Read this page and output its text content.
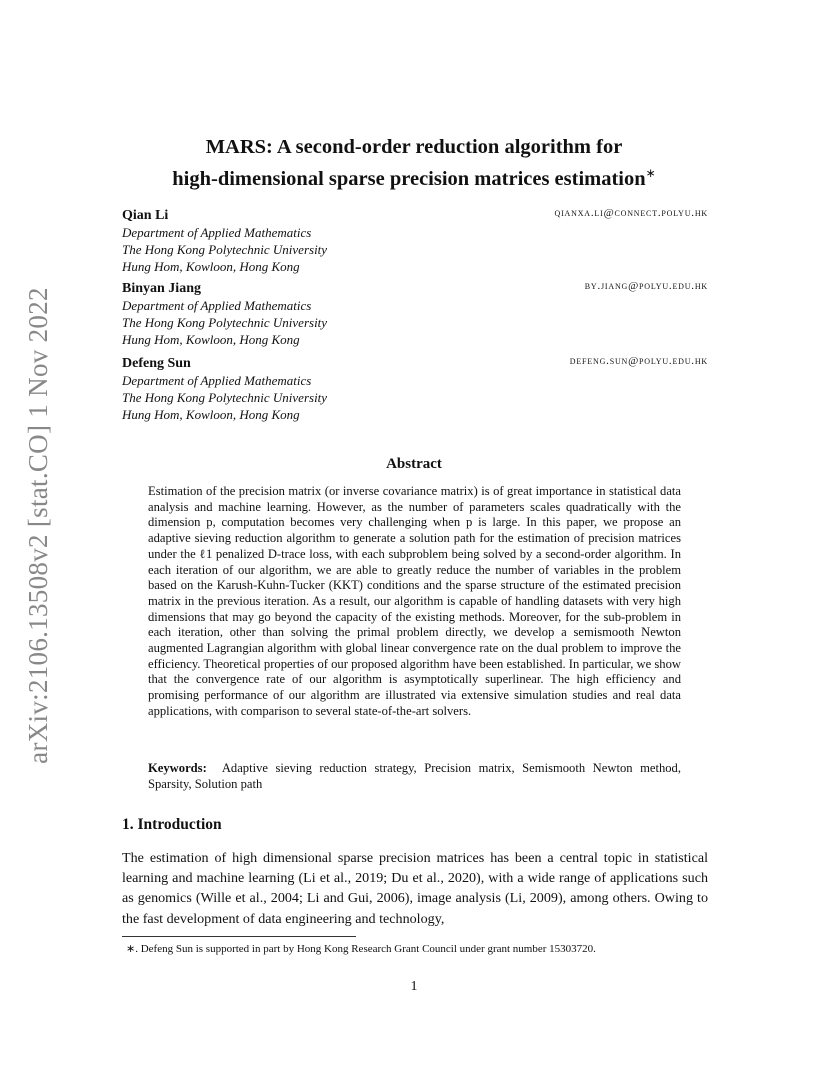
arXiv:2106.13508v2 [stat.CO] 1 Nov 2022
MARS: A second-order reduction algorithm for
high-dimensional sparse precision matrices estimation∗
Qian Li	qianxa.li@connect.polyu.hk
Department of Applied Mathematics
The Hong Kong Polytechnic University
Hung Hom, Kowloon, Hong Kong
Binyan Jiang	by.jiang@polyu.edu.hk
Department of Applied Mathematics
The Hong Kong Polytechnic University
Hung Hom, Kowloon, Hong Kong
Defeng Sun	defeng.sun@polyu.edu.hk
Department of Applied Mathematics
The Hong Kong Polytechnic University
Hung Hom, Kowloon, Hong Kong
Abstract
Estimation of the precision matrix (or inverse covariance matrix) is of great importance in statistical data analysis and machine learning. However, as the number of parameters scales quadratically with the dimension p, computation becomes very challenging when p is large. In this paper, we propose an adaptive sieving reduction algorithm to generate a solution path for the estimation of precision matrices under the ℓ1 penalized D-trace loss, with each subproblem being solved by a second-order algorithm. In each iteration of our algorithm, we are able to greatly reduce the number of variables in the problem based on the Karush-Kuhn-Tucker (KKT) conditions and the sparse structure of the estimated precision matrix in the previous iteration. As a result, our algorithm is capable of handling datasets with very high dimensions that may go beyond the capacity of the existing methods. Moreover, for the sub-problem in each iteration, other than solving the primal problem directly, we develop a semismooth Newton augmented Lagrangian algorithm with global linear convergence rate on the dual problem to improve the efficiency. Theoretical properties of our proposed algorithm have been established. In particular, we show that the convergence rate of our algorithm is asymptotically superlinear. The high efficiency and promising performance of our algorithm are illustrated via extensive simulation studies and real data applications, with comparison to several state-of-the-art solvers.
Keywords: Adaptive sieving reduction strategy, Precision matrix, Semismooth Newton method, Sparsity, Solution path
1. Introduction
The estimation of high dimensional sparse precision matrices has been a central topic in statistical learning and machine learning (Li et al., 2019; Du et al., 2020), with a wide range of applications such as genomics (Wille et al., 2004; Li and Gui, 2006), image analysis (Li, 2009), among others. Owing to the fast development of data engineering and technology,
∗. Defeng Sun is supported in part by Hong Kong Research Grant Council under grant number 15303720.
1
